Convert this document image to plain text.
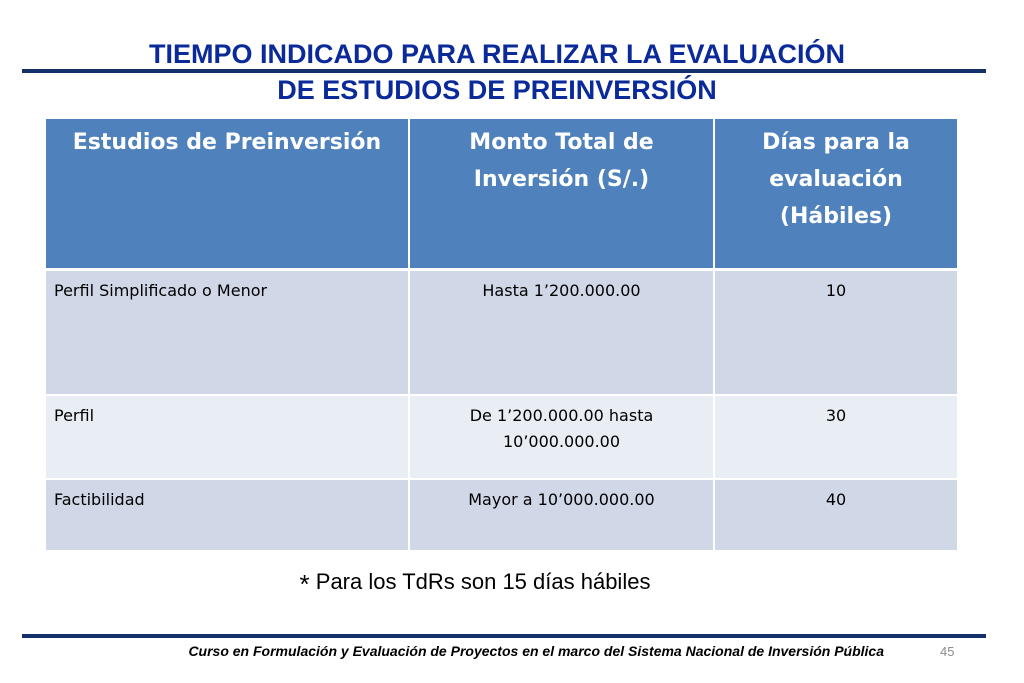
TIEMPO INDICADO PARA REALIZAR LA EVALUACIÓN
DE ESTUDIOS DE PREINVERSIÓN
Estudios de Preinversión	Monto Total de Inversión (S/.)	Días para la evaluación (Hábiles)
Perfil Simplificado o Menor	Hasta 1’200.000.00	10
Perfil	De 1’200.000.00 hasta 10’000.000.00	30
Factibilidad	Mayor a 10’000.000.00	40
* Para los TdRs son 15 días hábiles
Curso en Formulación y Evaluación de Proyectos en el marco del Sistema Nacional de Inversión Pública	45
